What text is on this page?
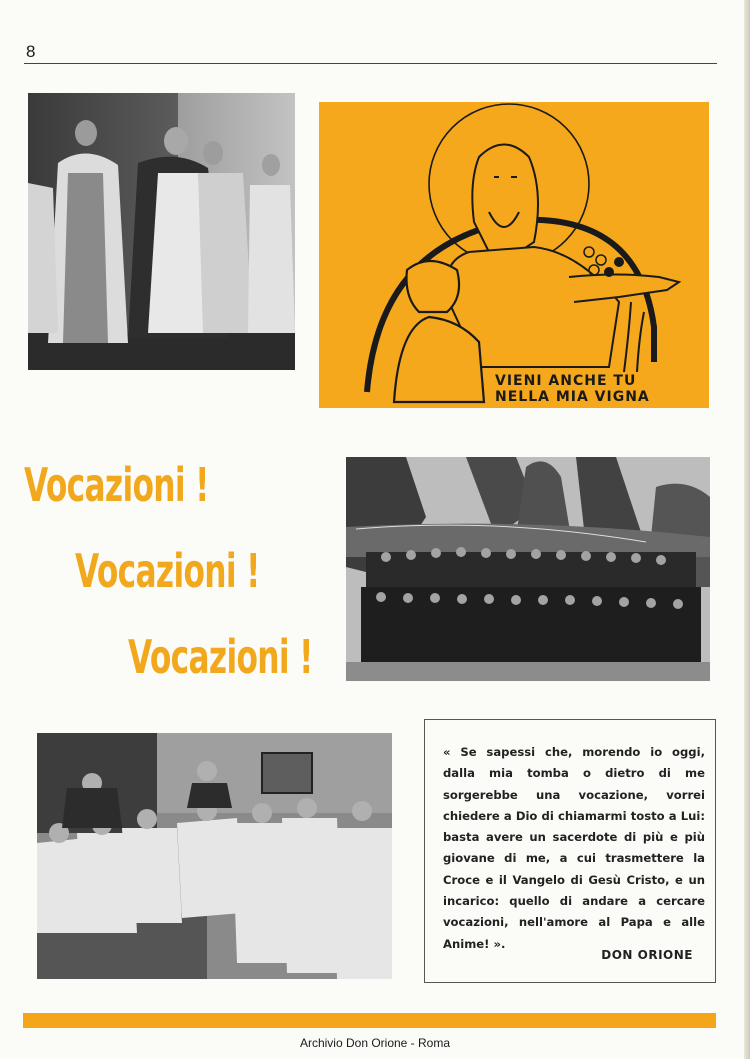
8
VIENI ANCHE TU
NELLA MIA VIGNA
Vocazioni !
Vocazioni !
Vocazioni !
« Se sapessi che, morendo io oggi, dalla mia tomba o dietro di me sorgerebbe una vocazione, vorrei chiedere a Dio di chiamarmi tosto a Lui: basta avere un sacerdote di più e più giovane di me, a cui trasmettere la Croce e il Vangelo di Gesù Cristo, e un incarico: quello di andare a cercare vocazioni, nell'amore al Papa e alle Anime! ».
DON ORIONE
Archivio Don Orione - Roma
